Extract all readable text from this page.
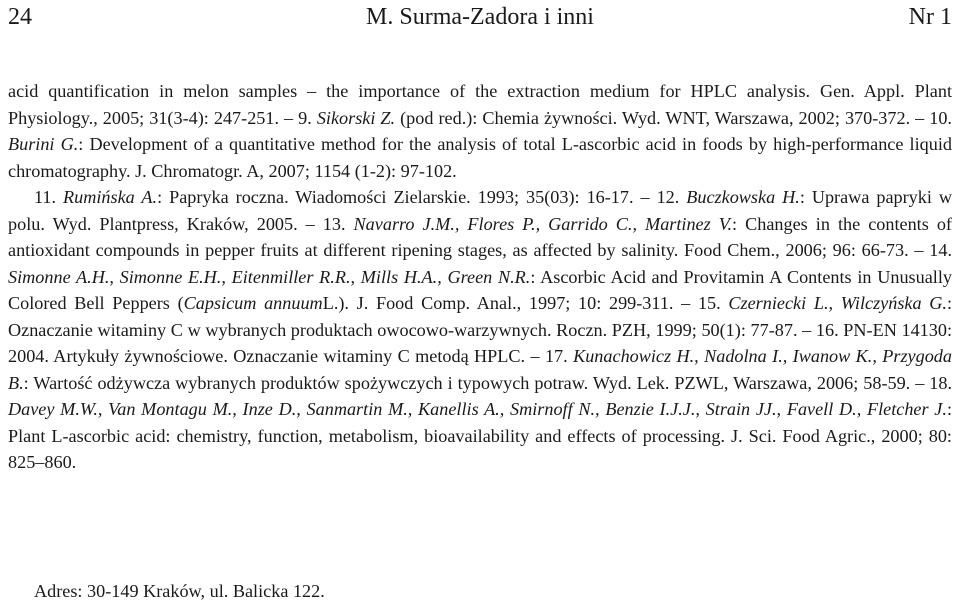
24	M. Surma-Zadora i inni	Nr 1

acid quantification in melon samples – the importance of the extraction medium for HPLC analysis. Gen. Appl. Plant Physiology., 2005; 31(3-4): 247-251. – 9. Sikorski Z. (pod red.): Chemia żywności. Wyd. WNT, Warszawa, 2002; 370-372. – 10. Burini G.: Development of a quantitative method for the analysis of total L-ascorbic acid in foods by high-performance liquid chromatography. J. Chromatogr. A, 2007; 1154 (1-2): 97-102.

11. Rumińska A.: Papryka roczna. Wiadomości Zielarskie. 1993; 35(03): 16-17. – 12. Buczkowska H.: Uprawa papryki w polu. Wyd. Plantpress, Kraków, 2005. – 13. Navarro J.M., Flores P., Garrido C., Martinez V.: Changes in the contents of antioxidant compounds in pepper fruits at different ripening stages, as affected by salinity. Food Chem., 2006; 96: 66-73. – 14. Simonne A.H., Simonne E.H., Eitenmiller R.R., Mills H.A., Green N.R.: Ascorbic Acid and Provitamin A Contents in Unusually Colored Bell Peppers (Capsicum annuumL.). J. Food Comp. Anal., 1997; 10: 299-311. – 15. Czerniecki L., Wilczyńska G.: Oznaczanie witaminy C w wybranych produktach owocowo-warzywnych. Roczn. PZH, 1999; 50(1): 77-87. – 16. PN-EN 14130: 2004. Artykuły żywnościowe. Oznaczanie witaminy C metodą HPLC. – 17. Kunachowicz H., Nadolna I., Iwanow K., Przygoda B.: Wartość odżywcza wybranych produktów spożywczych i typowych potraw. Wyd. Lek. PZWL, Warszawa, 2006; 58-59. – 18. Davey M.W., Van Montagu M., Inze D., Sanmartin M., Kanellis A., Smirnoff N., Benzie I.J.J., Strain JJ., Favell D., Fletcher J.: Plant L-ascorbic acid: chemistry, function, metabolism, bioavailability and effects of processing. J. Sci. Food Agric., 2000; 80: 825–860.

Adres: 30-149 Kraków, ul. Balicka 122.
